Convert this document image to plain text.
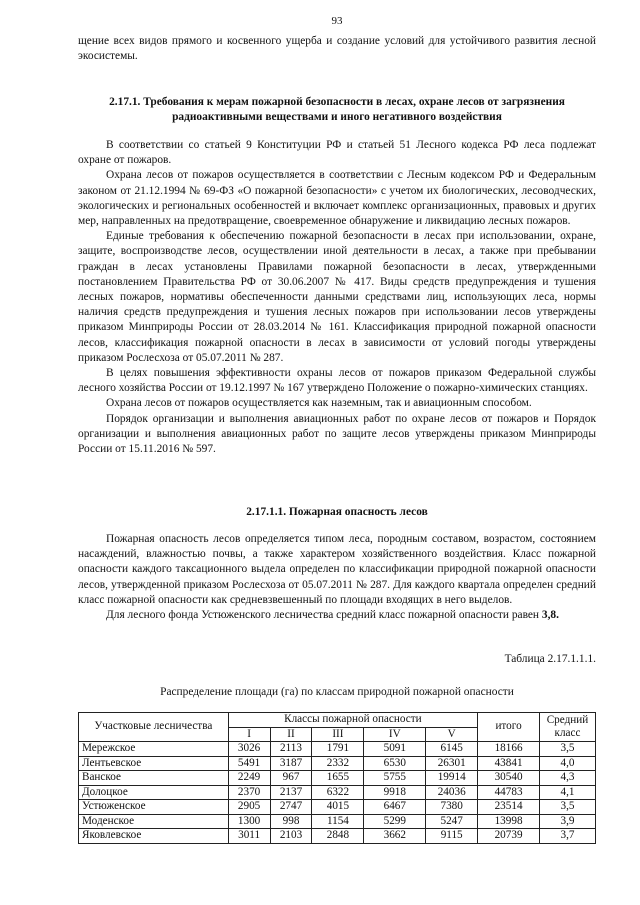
93

щение всех видов прямого и косвенного ущерба и создание условий для устойчивого развития лесной экосистемы.

2.17.1. Требования к мерам пожарной безопасности в лесах, охране лесов от загрязнения радиоактивными веществами и иного негативного воздействия

В соответствии со статьей 9 Конституции РФ и статьей 51 Лесного кодекса РФ леса подлежат охране от пожаров.

Охрана лесов от пожаров осуществляется в соответствии с Лесным кодексом РФ и Федеральным законом от 21.12.1994 № 69-ФЗ «О пожарной безопасности» с учетом их биологических, лесоводческих, экологических и региональных особенностей и включает комплекс организационных, правовых и других мер, направленных на предотвращение, своевременное обнаружение и ликвидацию лесных пожаров.

Единые требования к обеспечению пожарной безопасности в лесах при использовании, охране, защите, воспроизводстве лесов, осуществлении иной деятельности в лесах, а также при пребывании граждан в лесах установлены Правилами пожарной безопасности в лесах, утвержденными постановлением Правительства РФ от 30.06.2007 № 417. Виды средств предупреждения и тушения лесных пожаров, нормативы обеспеченности данными средствами лиц, использующих леса, нормы наличия средств предупреждения и тушения лесных пожаров при использовании лесов утверждены приказом Минприроды России от 28.03.2014 № 161. Классификация природной пожарной опасности лесов, классификация пожарной опасности в лесах в зависимости от условий погоды утверждены приказом Рослесхоза от 05.07.2011 № 287.

В целях повышения эффективности охраны лесов от пожаров приказом Федеральной службы лесного хозяйства России от 19.12.1997 № 167 утверждено Положение о пожарно-химических станциях.

Охрана лесов от пожаров осуществляется как наземным, так и авиационным способом.

Порядок организации и выполнения авиационных работ по охране лесов от пожаров и Порядок организации и выполнения авиационных работ по защите лесов утверждены приказом Минприроды России от 15.11.2016 № 597.

2.17.1.1. Пожарная опасность лесов

Пожарная опасность лесов определяется типом леса, породным составом, возрастом, состоянием насаждений, влажностью почвы, а также характером хозяйственного воздействия. Класс пожарной опасности каждого таксационного выдела определен по классификации природной пожарной опасности лесов, утвержденной приказом Рослесхоза от 05.07.2011 № 287. Для каждого квартала определен средний класс пожарной опасности как средневзвешенный по площади входящих в него выделов.

Для лесного фонда Устюженского лесничества средний класс пожарной опасности равен 3,8.

Таблица 2.17.1.1.1.

Распределение площади (га) по классам природной пожарной опасности

Участковые лесничества	Классы пожарной опасности					итого	Средний класс
	I	II	III	IV	V		
Мережское	3026	2113	1791	5091	6145	18166	3,5
Лентьевское	5491	3187	2332	6530	26301	43841	4,0
Ванское	2249	967	1655	5755	19914	30540	4,3
Долоцкое	2370	2137	6322	9918	24036	44783	4,1
Устюженское	2905	2747	4015	6467	7380	23514	3,5
Моденское	1300	998	1154	5299	5247	13998	3,9
Яковлевское	3011	2103	2848	3662	9115	20739	3,7
